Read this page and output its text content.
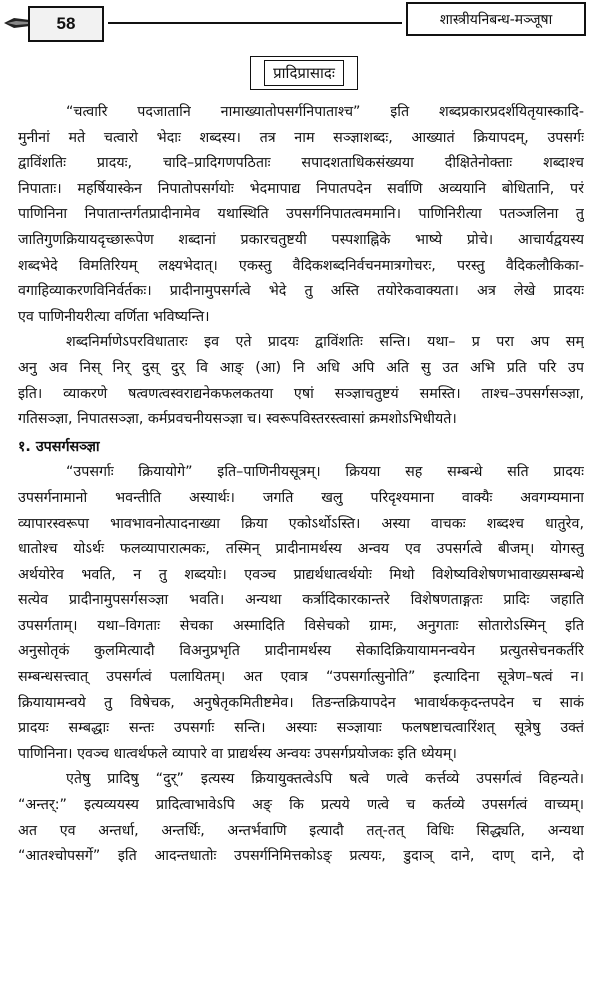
58	शास्त्रीयनिबन्ध-मञ्जूषा
प्रादिप्रासादः
“चत्वारि पदजातानि नामाख्यातोपसर्गनिपाताश्च” इति शब्दप्रकारप्रदर्शयितृयास्कादि-
मुनीनां मते चत्वारो भेदाः शब्दस्य। तत्र नाम सञ्ज्ञाशब्दः, आख्यातं क्रियापदम्, उपसर्गः
द्वाविंशतिः प्रादयः, चादि–प्रादिगणपठिताः सपादशताधिकसंख्यया दीक्षितेनोक्ताः शब्दाश्च
निपाताः। महर्षियास्केन निपातोपसर्गयोः भेदमापाद्य निपातपदेन सर्वाणि अव्ययानि बोधितानि, परं
पाणिनिना निपातान्तर्गतप्रादीनामेव यथास्थिति उपसर्गनिपातत्वममानि। पाणिनिरीत्या पतञ्जलिना तु
जातिगुणक्रियायदृच्छारूपेण शब्दानां प्रकारचतुष्टयी पस्पशाह्निके भाष्ये प्रोचे। आचार्यद्वयस्य
शब्दभेदे विमतिरियम् लक्ष्यभेदात्। एकस्तु वैदिकशब्दनिर्वचनमात्रगोचरः, परस्तु वैदिकलौकिका-
वगाहिव्याकरणविनिर्वर्तकः। प्रादीनामुपसर्गत्वे भेदे तु अस्ति तयोरेकवाक्यता। अत्र लेखे प्रादयः
एव पाणिनीयरीत्या वर्णिता भविष्यन्ति।
शब्दनिर्माणेऽपरविधातारः इव एते प्रादयः द्वाविंशतिः सन्ति। यथा– प्र परा अप सम्
अनु अव निस् निर् दुस् दुर् वि आङ् (आ) नि अधि अपि अति सु उत अभि प्रति परि उप
इति। व्याकरणे षत्वणत्वस्वराद्यनेकफलकतया एषां सञ्ज्ञाचतुष्टयं समस्ति। ताश्च–उपसर्गसञ्ज्ञा,
गतिसञ्ज्ञा, निपातसञ्ज्ञा, कर्मप्रवचनीयसञ्ज्ञा च। स्वरूपविस्तरस्त्वासां क्रमशोऽभिधीयते।
१. उपसर्गसञ्ज्ञा
“उपसर्गाः क्रियायोगे” इति–पाणिनीयसूत्रम्। क्रियया सह सम्बन्धे सति प्रादयः
उपसर्गनामानो भवन्तीति अस्यार्थः। जगति खलु परिदृश्यमाना वाक्यैः अवगम्यमाना
व्यापारस्वरूपा भावभावनोत्पादनाख्या क्रिया एकोऽर्थोऽस्ति। अस्या वाचकः शब्दश्च धातुरेव,
धातोश्च योऽर्थः फलव्यापारात्मकः, तस्मिन् प्रादीनामर्थस्य अन्वय एव उपसर्गत्वे बीजम्। योगस्तु
अर्थयोरेव भवति, न तु शब्दयोः। एवञ्च प्राद्यर्थधात्वर्थयोः मिथो विशेष्यविशेषणभावाख्यसम्बन्धे
सत्येव प्रादीनामुपसर्गसञ्ज्ञा भवति। अन्यथा कर्त्रादिकारकान्तरे विशेषणताङ्गतः प्रादिः जहाति
उपसर्गताम्। यथा–विगताः सेचका अस्मादिति विसेचको ग्रामः, अनुगताः सोतारोऽस्मिन् इति
अनुसोतृकं कुलमित्यादौ विअनुप्रभृति प्रादीनामर्थस्य सेकादिक्रियायामनन्वयेन प्रत्युतसेचनकर्तरि
सम्बन्धसत्त्वात् उपसर्गत्वं पलायितम्। अत एवात्र “उपसर्गात्सुनोति” इत्यादिना सूत्रेण–षत्वं न।
क्रियायामन्वये तु विषेचक, अनुषेतृकमितीष्टमेव। तिङन्तक्रियापदेन भावार्थककृदन्तपदेन च साकं
प्रादयः सम्बद्धाः सन्तः उपसर्गाः सन्ति। अस्याः सञ्ज्ञायाः फलषष्टाचत्वारिंशत् सूत्रेषु उक्तं
पाणिनिना। एवञ्च धात्वर्थफले व्यापारे वा प्राद्यर्थस्य अन्वयः उपसर्गप्रयोजकः इति ध्येयम्।
एतेषु प्रादिषु “दुर्” इत्यस्य क्रियायुक्तत्वेऽपि षत्वे णत्वे कर्त्तव्ये उपसर्गत्वं विहन्यते।
“अन्तर्:” इत्यव्ययस्य प्रादित्वाभावेऽपि अङ् कि प्रत्यये णत्वे च कर्तव्ये उपसर्गत्वं वाच्यम्।
अत एव अन्तर्धा, अन्तर्धिः, अन्तर्भवाणि इत्यादौ तत्-तत् विधिः सिद्ध्यति, अन्यथा
“आतश्चोपसर्गे” इति आदन्तधातोः उपसर्गनिमित्तकोऽङ् प्रत्ययः, डुदाञ् दाने, दाण् दाने, दो
